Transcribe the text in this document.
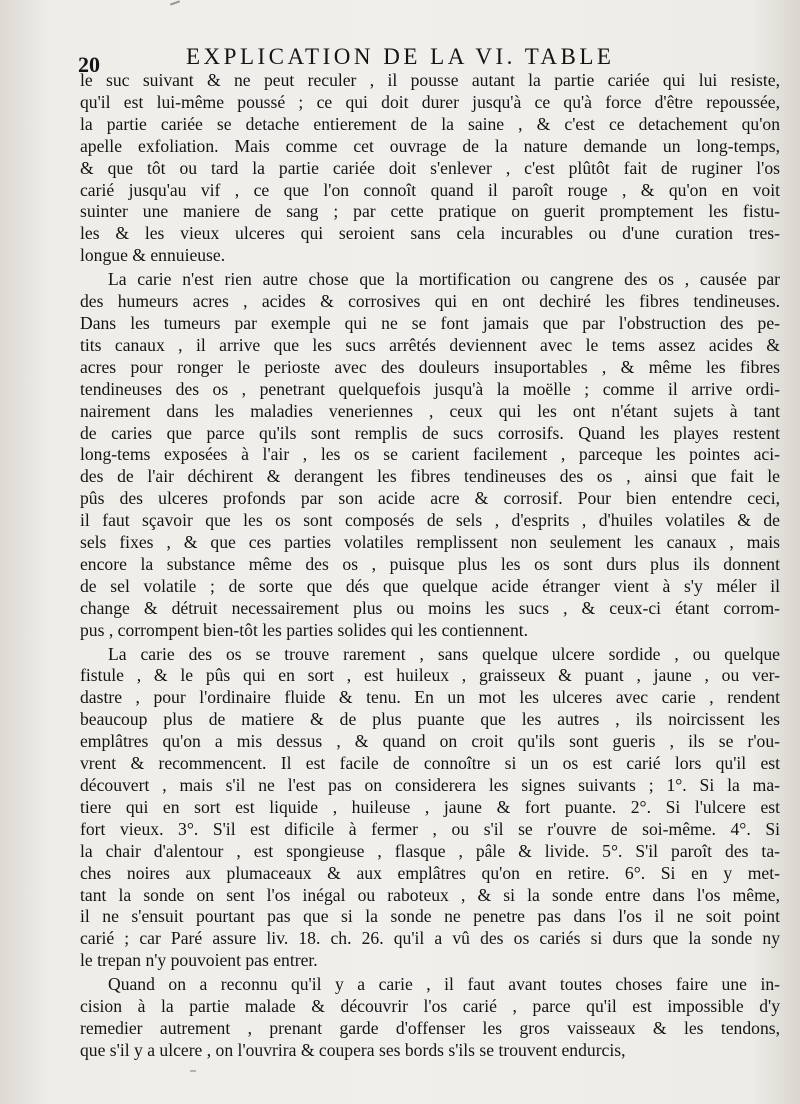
20	EXPLICATION DE LA VI. TABLE
le suc suivant & ne peut reculer , il pousse autant la partie cariée qui lui resiste,
qu'il est lui-même poussé ; ce qui doit durer jusqu'à ce qu'à force d'être repoussée,
la partie cariée se detache entierement de la saine , & c'est ce detachement qu'on
apelle exfoliation. Mais comme cet ouvrage de la nature demande un long-temps,
& que tôt ou tard la partie cariée doit s'enlever , c'est plûtôt fait de ruginer l'os
carié jusqu'au vif , ce que l'on connoît quand il paroît rouge , & qu'on en voit
suinter une maniere de sang ; par cette pratique on guerit promptement les fistu-
les & les vieux ulceres qui seroient sans cela incurables ou d'une curation tres-
longue & ennuieuse.
La carie n'est rien autre chose que la mortification ou cangrene des os , causée par
des humeurs acres , acides & corrosives qui en ont dechiré les fibres tendineuses.
Dans les tumeurs par exemple qui ne se font jamais que par l'obstruction des pe-
tits canaux , il arrive que les sucs arrêtés deviennent avec le tems assez acides &
acres pour ronger le perioste avec des douleurs insuportables , & même les fibres
tendineuses des os , penetrant quelquefois jusqu'à la moëlle ; comme il arrive ordi-
nairement dans les maladies veneriennes , ceux qui les ont n'étant sujets à tant
de caries que parce qu'ils sont remplis de sucs corrosifs. Quand les playes restent
long-tems exposées à l'air , les os se carient facilement , parceque les pointes aci-
des de l'air déchirent & derangent les fibres tendineuses des os , ainsi que fait le
pûs des ulceres profonds par son acide acre & corrosif. Pour bien entendre ceci,
il faut sçavoir que les os sont composés de sels , d'esprits , d'huiles volatiles & de
sels fixes , & que ces parties volatiles remplissent non seulement les canaux , mais
encore la substance même des os , puisque plus les os sont durs plus ils donnent
de sel volatile ; de sorte que dés que quelque acide étranger vient à s'y méler il
change & détruit necessairement plus ou moins les sucs , & ceux-ci étant corrom-
pus , corrompent bien-tôt les parties solides qui les contiennent.
La carie des os se trouve rarement , sans quelque ulcere sordide , ou quelque
fistule , & le pûs qui en sort , est huileux , graisseux & puant , jaune , ou ver-
dastre , pour l'ordinaire fluide & tenu. En un mot les ulceres avec carie , rendent
beaucoup plus de matiere & de plus puante que les autres , ils noircissent les
emplâtres qu'on a mis dessus , & quand on croit qu'ils sont gueris , ils se r'ou-
vrent & recommencent. Il est facile de connoître si un os est carié lors qu'il est
découvert , mais s'il ne l'est pas on considerera les signes suivants ; 1°. Si la ma-
tiere qui en sort est liquide , huileuse , jaune & fort puante. 2°. Si l'ulcere est
fort vieux. 3°. S'il est dificile à fermer , ou s'il se r'ouvre de soi-même. 4°. Si
la chair d'alentour , est spongieuse , flasque , pâle & livide. 5°. S'il paroît des ta-
ches noires aux plumaceaux & aux emplâtres qu'on en retire. 6°. Si en y met-
tant la sonde on sent l'os inégal ou raboteux , & si la sonde entre dans l'os même,
il ne s'ensuit pourtant pas que si la sonde ne penetre pas dans l'os il ne soit point
carié ; car Paré assure liv. 18. ch. 26. qu'il a vû des os cariés si durs que la sonde ny
le trepan n'y pouvoient pas entrer.
Quand on a reconnu qu'il y a carie , il faut avant toutes choses faire une in-
cision à la partie malade & découvrir l'os carié , parce qu'il est impossible d'y
remedier autrement , prenant garde d'offenser les gros vaisseaux & les tendons,
que s'il y a ulcere , on l'ouvrira & coupera ses bords s'ils se trouvent endurcis,
